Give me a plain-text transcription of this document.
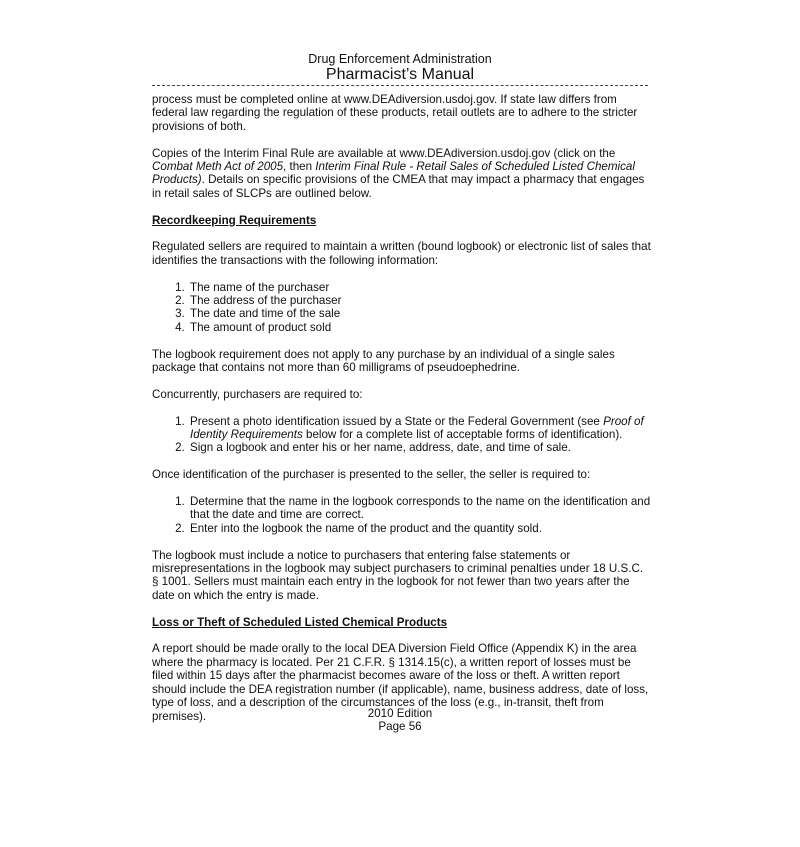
Drug Enforcement Administration
Pharmacist’s Manual

process must be completed online at www.DEAdiversion.usdoj.gov. If state law differs from federal law regarding the regulation of these products, retail outlets are to adhere to the stricter provisions of both.

Copies of the Interim Final Rule are available at www.DEAdiversion.usdoj.gov (click on the Combat Meth Act of 2005, then Interim Final Rule - Retail Sales of Scheduled Listed Chemical Products). Details on specific provisions of the CMEA that may impact a pharmacy that engages in retail sales of SLCPs are outlined below.

Recordkeeping Requirements

Regulated sellers are required to maintain a written (bound logbook) or electronic list of sales that identifies the transactions with the following information:

1. The name of the purchaser
2. The address of the purchaser
3. The date and time of the sale
4. The amount of product sold

The logbook requirement does not apply to any purchase by an individual of a single sales package that contains not more than 60 milligrams of pseudoephedrine.

Concurrently, purchasers are required to:

1. Present a photo identification issued by a State or the Federal Government (see Proof of Identity Requirements below for a complete list of acceptable forms of identification).
2. Sign a logbook and enter his or her name, address, date, and time of sale.

Once identification of the purchaser is presented to the seller, the seller is required to:

1. Determine that the name in the logbook corresponds to the name on the identification and that the date and time are correct.
2. Enter into the logbook the name of the product and the quantity sold.

The logbook must include a notice to purchasers that entering false statements or misrepresentations in the logbook may subject purchasers to criminal penalties under 18 U.S.C. § 1001. Sellers must maintain each entry in the logbook for not fewer than two years after the date on which the entry is made.

Loss or Theft of Scheduled Listed Chemical Products

A report should be made orally to the local DEA Diversion Field Office (Appendix K) in the area where the pharmacy is located. Per 21 C.F.R. § 1314.15(c), a written report of losses must be filed within 15 days after the pharmacist becomes aware of the loss or theft. A written report should include the DEA registration number (if applicable), name, business address, date of loss, type of loss, and a description of the circumstances of the loss (e.g., in-transit, theft from premises).	2010 Edition
Page 56
